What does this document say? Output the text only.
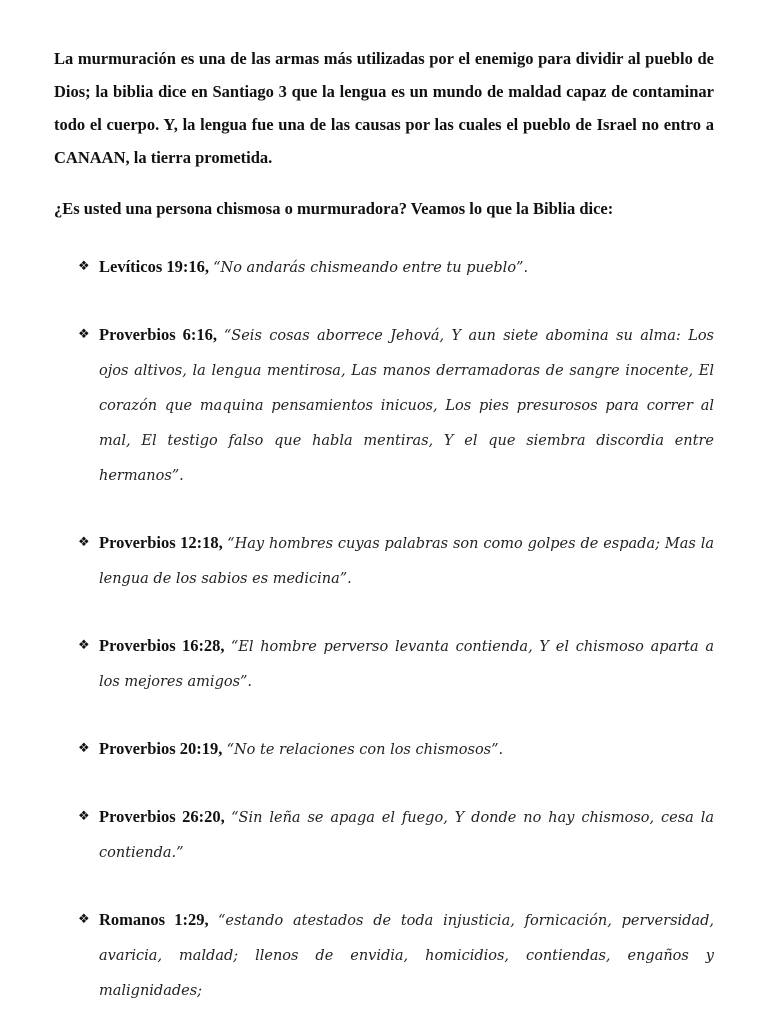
La murmuración es una de las armas más utilizadas por el enemigo para dividir al pueblo de Dios; la biblia dice en Santiago 3 que la lengua es un mundo de maldad capaz de contaminar todo el cuerpo. Y, la lengua fue una de las causas por las cuales el pueblo de Israel no entro a CANAAN, la tierra prometida.

¿Es usted una persona chismosa o murmuradora? Veamos lo que la Biblia dice:

❖ Levíticos 19:16, “No andarás chismeando entre tu pueblo”.
❖ Proverbios 6:16, “Seis cosas aborrece Jehová, Y aun siete abomina su alma: Los ojos altivos, la lengua mentirosa, Las manos derramadoras de sangre inocente, El corazón que maquina pensamientos inicuos, Los pies presurosos para correr al mal, El testigo falso que habla mentiras, Y el que siembra discordia entre hermanos”.
❖ Proverbios 12:18, “Hay hombres cuyas palabras son como golpes de espada; Mas la lengua de los sabios es medicina”.
❖ Proverbios 16:28, “El hombre perverso levanta contienda, Y el chismoso aparta a los mejores amigos”.
❖ Proverbios 20:19, “No te relaciones con los chismosos”.
❖ Proverbios 26:20, “Sin leña se apaga el fuego, Y donde no hay chismoso, cesa la contienda.”
❖ Romanos 1:29, “estando atestados de toda injusticia, fornicación, perversidad, avaricia, maldad; llenos de envidia, homicidios, contiendas, engaños y malignidades;
